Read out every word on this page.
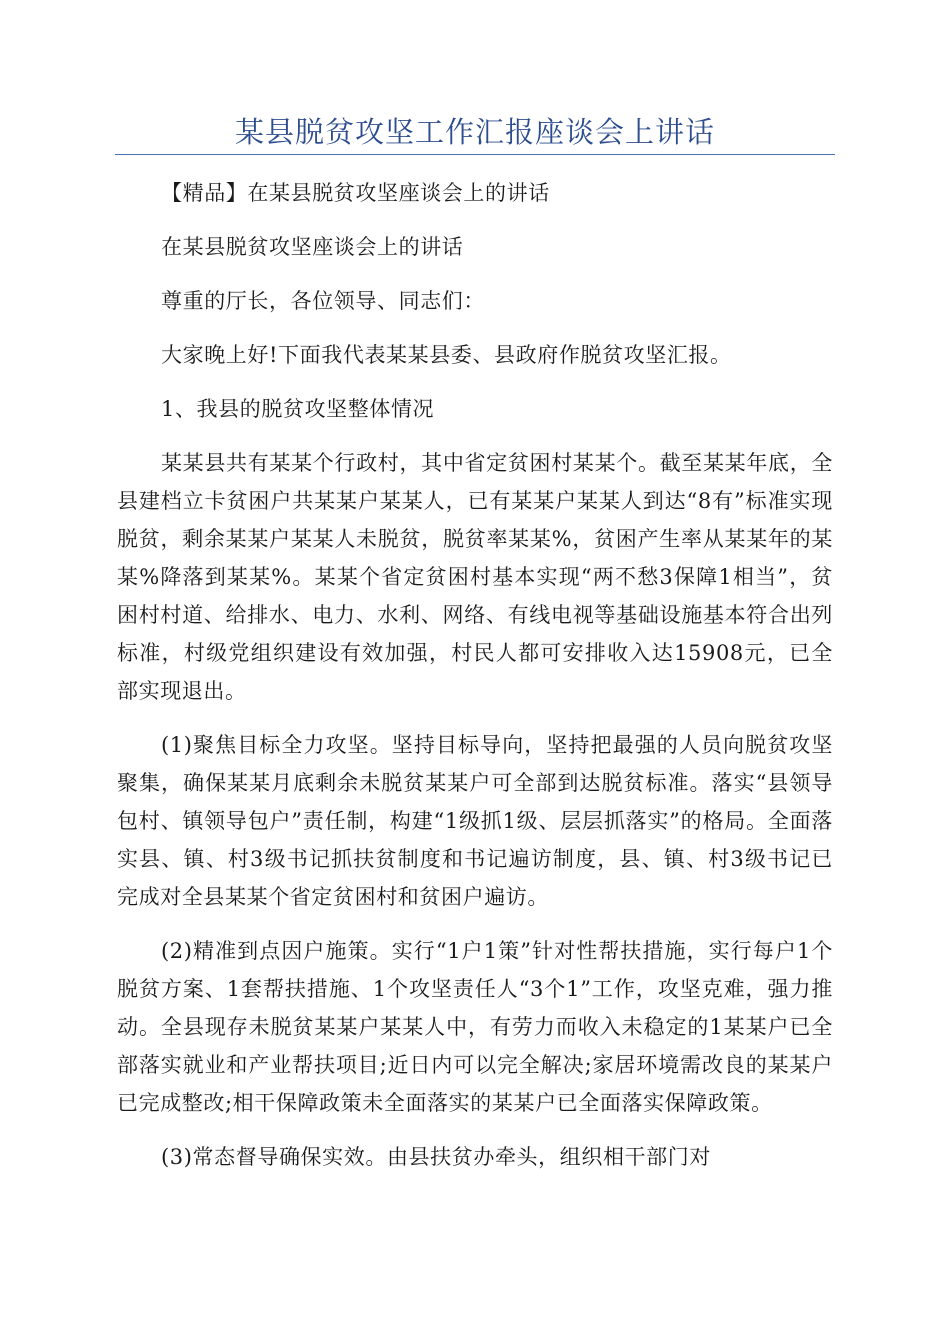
某县脱贫攻坚工作汇报座谈会上讲话

【精品】在某县脱贫攻坚座谈会上的讲话

在某县脱贫攻坚座谈会上的讲话

尊重的厅长，各位领导、同志们：

大家晚上好!下面我代表某某县委、县政府作脱贫攻坚汇报。

1、我县的脱贫攻坚整体情况

某某县共有某某个行政村，其中省定贫困村某某个。截至某某年底，全县建档立卡贫困户共某某户某某人，已有某某户某某人到达“8有”标准实现脱贫，剩余某某户某某人未脱贫，脱贫率某某%，贫困产生率从某某年的某某%降落到某某%。某某个省定贫困村基本实现“两不愁3保障1相当”，贫困村村道、给排水、电力、水利、网络、有线电视等基础设施基本符合出列标准，村级党组织建设有效加强，村民人都可安排收入达15908元，已全部实现退出。

(1)聚焦目标全力攻坚。坚持目标导向，坚持把最强的人员向脱贫攻坚聚集，确保某某月底剩余未脱贫某某户可全部到达脱贫标准。落实“县领导包村、镇领导包户”责任制，构建“1级抓1级、层层抓落实”的格局。全面落实县、镇、村3级书记抓扶贫制度和书记遍访制度，县、镇、村3级书记已完成对全县某某个省定贫困村和贫困户遍访。

(2)精准到点因户施策。实行“1户1策”针对性帮扶措施，实行每户1个脱贫方案、1套帮扶措施、1个攻坚责任人“3个1”工作，攻坚克难，强力推动。全县现存未脱贫某某户某某人中，有劳力而收入未稳定的1某某户已全部落实就业和产业帮扶项目;近日内可以完全解决;家居环境需改良的某某户已完成整改;相干保障政策未全面落实的某某户已全面落实保障政策。

(3)常态督导确保实效。由县扶贫办牵头，组织相干部门对
